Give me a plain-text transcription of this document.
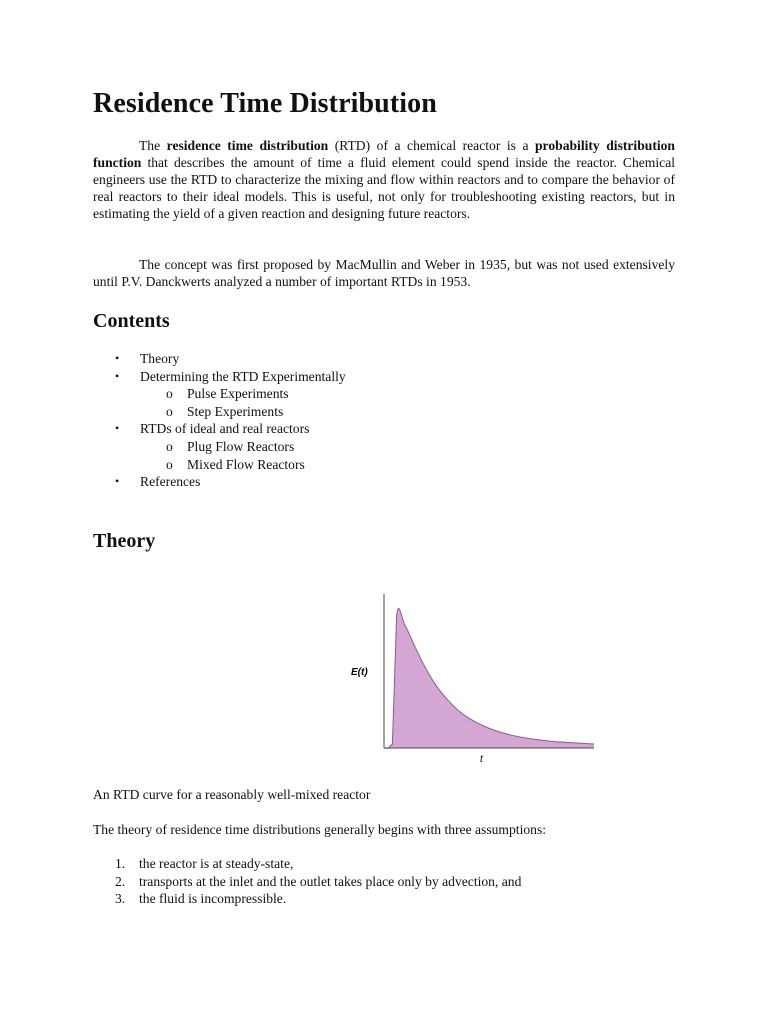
Residence Time Distribution

The residence time distribution (RTD) of a chemical reactor is a probability distribution function that describes the amount of time a fluid element could spend inside the reactor. Chemical engineers use the RTD to characterize the mixing and flow within reactors and to compare the behavior of real reactors to their ideal models. This is useful, not only for troubleshooting existing reactors, but in estimating the yield of a given reaction and designing future reactors.

The concept was first proposed by MacMullin and Weber in 1935, but was not used extensively until P.V. Danckwerts analyzed a number of important RTDs in 1953.

Contents
• Theory
• Determining the RTD Experimentally
o Pulse Experiments
o Step Experiments
• RTDs of ideal and real reactors
o Plug Flow Reactors
o Mixed Flow Reactors
• References
Theory
E(t)
t

An RTD curve for a reasonably well-mixed reactor

The theory of residence time distributions generally begins with three assumptions:

1. the reactor is at steady-state,
2. transports at the inlet and the outlet takes place only by advection, and
3. the fluid is incompressible.
